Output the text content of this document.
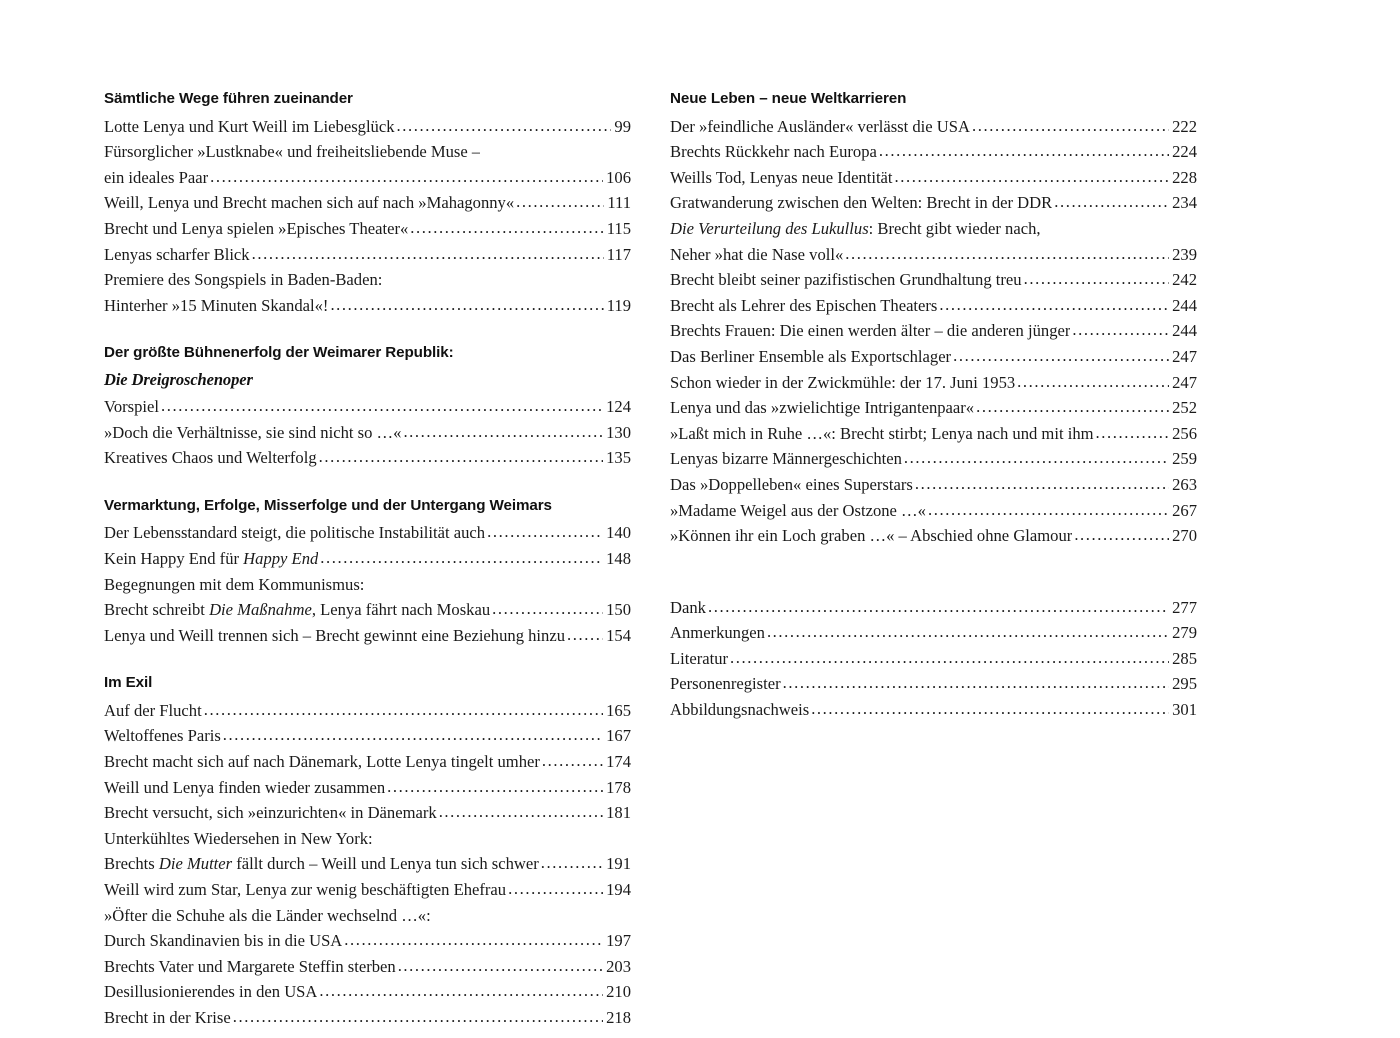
Sämtliche Wege führen zueinander
Lotte Lenya und Kurt Weill im Liebesglück .....	99
Fürsorglicher »Lustknabe« und freiheitsliebende Muse –
ein ideales Paar .....	106
Weill, Lenya und Brecht machen sich auf nach »Mahagonny« .....	111
Brecht und Lenya spielen »Episches Theater« .....	115
Lenyas scharfer Blick .....	117
Premiere des Songspiels in Baden-Baden:
Hinterher »15 Minuten Skandal«! .....	119
Der größte Bühnenerfolg der Weimarer Republik:
Die Dreigroschenoper
Vorspiel .....	124
»Doch die Verhältnisse, sie sind nicht so …« .....	130
Kreatives Chaos und Welterfolg .....	135
Vermarktung, Erfolge, Misserfolge und der Untergang Weimars
Der Lebensstandard steigt, die politische Instabilität auch .....	140
Kein Happy End für Happy End .....	148
Begegnungen mit dem Kommunismus:
Brecht schreibt Die Maßnahme, Lenya fährt nach Moskau .....	150
Lenya und Weill trennen sich – Brecht gewinnt eine Beziehung hinzu ..... 154
Im Exil
Auf der Flucht .....	165
Weltoffenes Paris .....	167
Brecht macht sich auf nach Dänemark, Lotte Lenya tingelt umher .....	174
Weill und Lenya finden wieder zusammen .....	178
Brecht versucht, sich »einzurichten« in Dänemark .....	181
Unterkühltes Wiedersehen in New York:
Brechts Die Mutter fällt durch – Weill und Lenya tun sich schwer .....	191
Weill wird zum Star, Lenya zur wenig beschäftigten Ehefrau .....	194
»Öfter die Schuhe als die Länder wechselnd …«:
Durch Skandinavien bis in die USA .....	197
Brechts Vater und Margarete Steffin sterben .....	203
Desillusionierendes in den USA .....	210
Brecht in der Krise .....	218
Neue Leben – neue Weltkarrieren
Der »feindliche Ausländer« verlässt die USA .....	222
Brechts Rückkehr nach Europa .....	224
Weills Tod, Lenyas neue Identität .....	228
Gratwanderung zwischen den Welten: Brecht in der DDR .....	234
Die Verurteilung des Lukullus: Brecht gibt wieder nach,
Neher »hat die Nase voll« .....	239
Brecht bleibt seiner pazifistischen Grundhaltung treu .....	242
Brecht als Lehrer des Epischen Theaters .....	244
Brechts Frauen: Die einen werden älter – die anderen jünger .....	244
Das Berliner Ensemble als Exportschlager .....	247
Schon wieder in der Zwickmühle: der 17. Juni 1953 .....	247
Lenya und das »zwielichtige Intrigantenpaar« .....	252
»Laßt mich in Ruhe …«: Brecht stirbt; Lenya nach und mit ihm .....	256
Lenyas bizarre Männergeschichten .....	259
Das »Doppelleben« eines Superstars .....	263
»Madame Weigel aus der Ostzone …« .....	267
»Können ihr ein Loch graben …« – Abschied ohne Glamour .....	270
Dank .....	277
Anmerkungen .....	279
Literatur .....	285
Personenregister .....	295
Abbildungsnachweis .....	301
